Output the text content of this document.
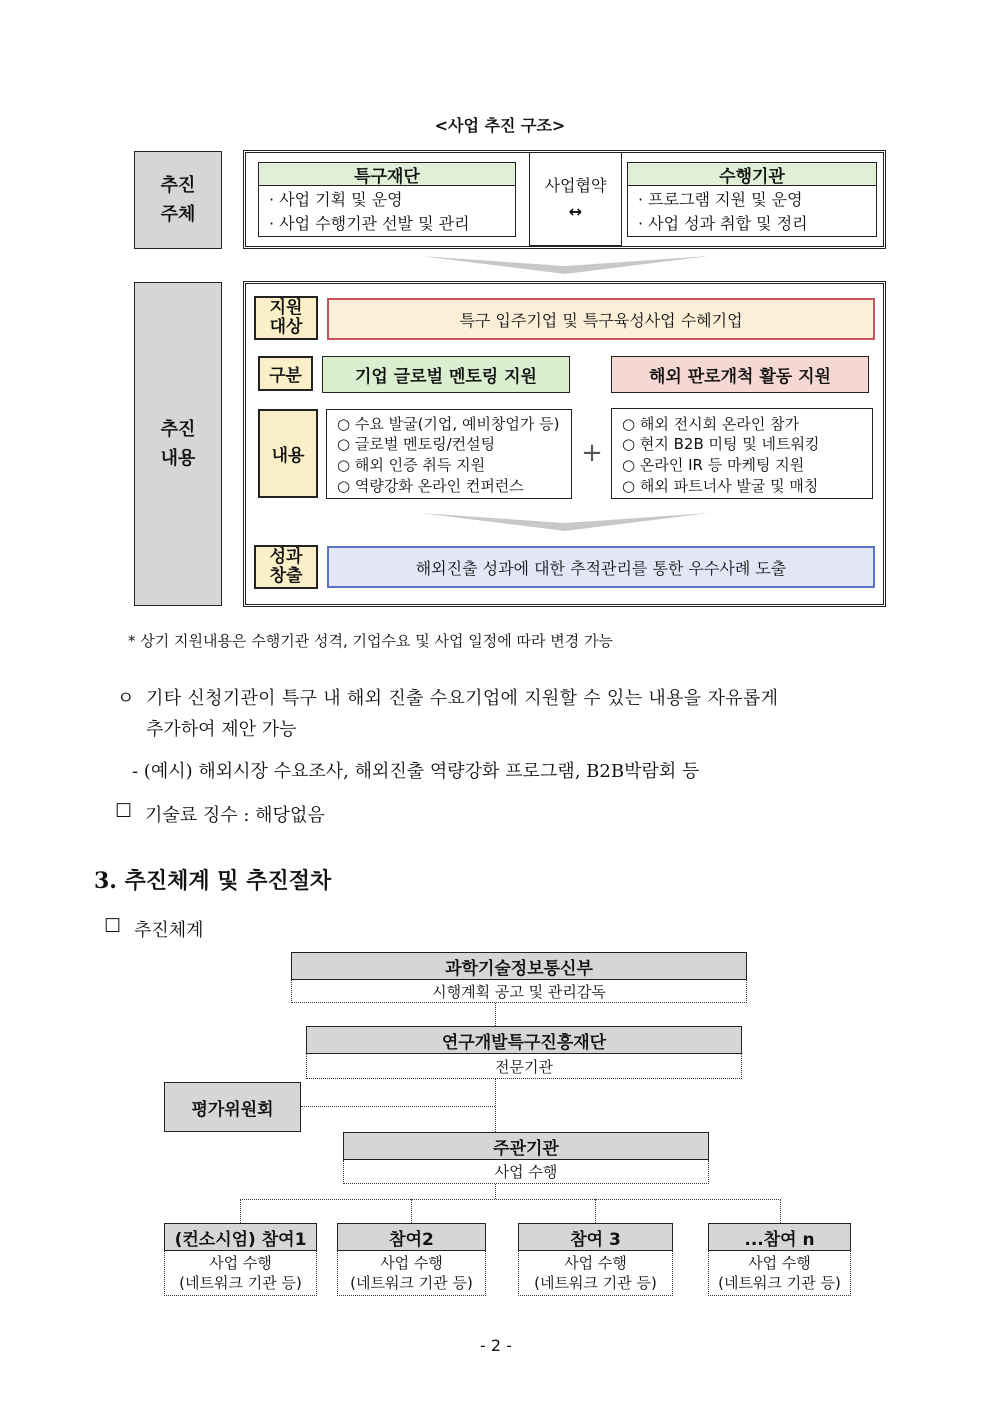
<사업 추진 구조>
추진
주체
특구재단
· 사업 기획 및 운영
· 사업 수행기관 선발 및 관리
사업협약
↔
수행기관
· 프로그램 지원 및 운영
· 사업 성과 취합 및 정리
추진
내용
지원
대상	특구 입주기업 및 특구육성사업 수혜기업
구분	기업 글로벌 멘토링 지원	해외 판로개척 활동 지원
내용
○ 수요 발굴(기업, 예비창업가 등)
○ 글로벌 멘토링/컨설팅
○ 해외 인증 취득 지원
○ 역량강화 온라인 컨퍼런스
+
○ 해외 전시회 온라인 참가
○ 현지 B2B 미팅 및 네트워킹
○ 온라인 IR 등 마케팅 지원
○ 해외 파트너사 발굴 및 매칭
성과
창출	해외진출 성과에 대한 추적관리를 통한 우수사례 도출
* 상기 지원내용은 수행기관 성격, 기업수요 및 사업 일정에 따라 변경 가능
ㅇ 기타 신청기관이 특구 내 해외 진출 수요기업에 지원할 수 있는 내용을 자유롭게
추가하여 제안 가능
- (예시) 해외시장 수요조사, 해외진출 역량강화 프로그램, B2B박람회 등
☐ 기술료 징수 : 해당없음
3. 추진체계 및 추진절차
☐ 추진체계
과학기술정보통신부
시행계획 공고 및 관리감독
연구개발특구진흥재단
전문기관
평가위원회
주관기관
사업 수행
(컨소시엄) 참여1
사업 수행
(네트워크 기관 등)
참여2
사업 수행
(네트워크 기관 등)
참여 3
사업 수행
(네트워크 기관 등)
...참여 n
사업 수행
(네트워크 기관 등)
- 2 -
